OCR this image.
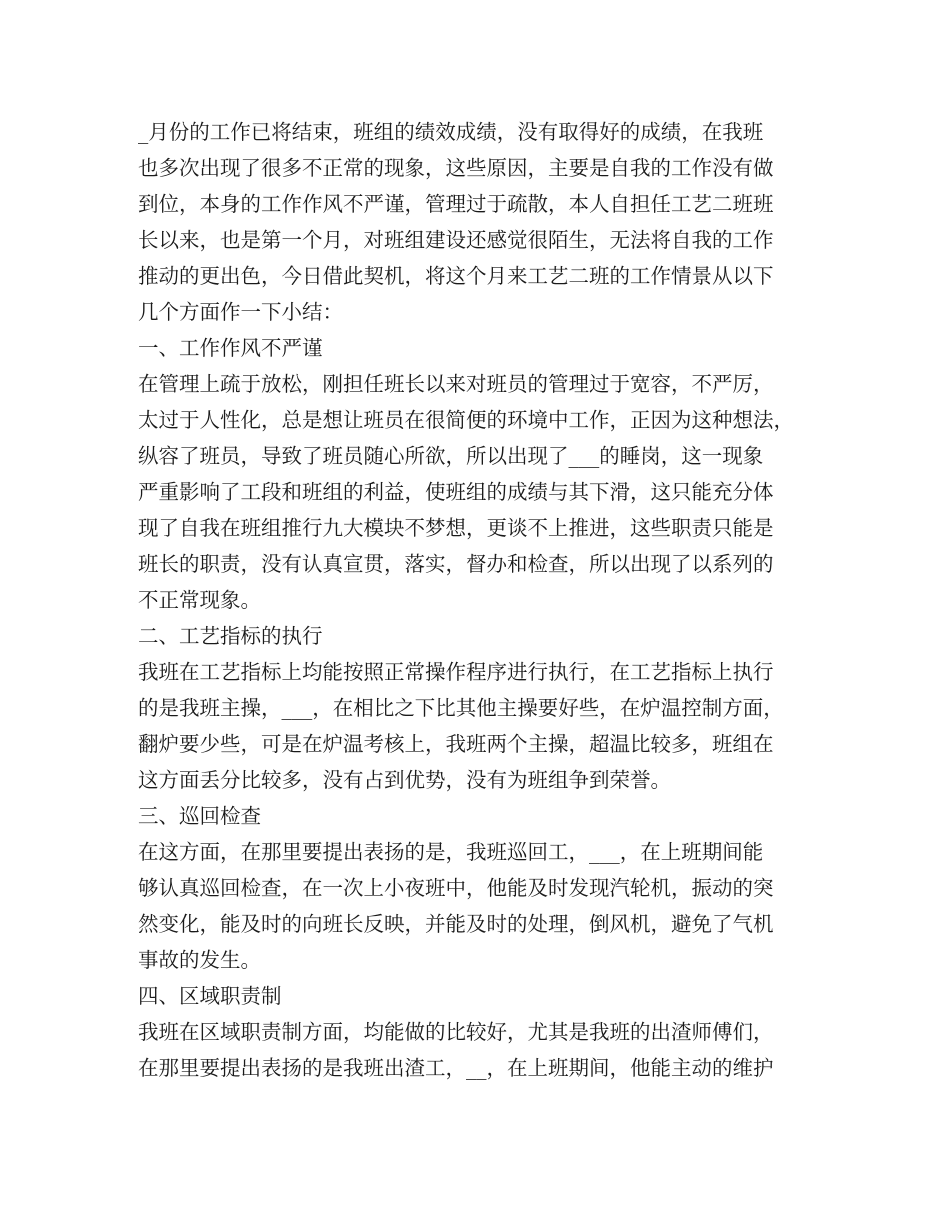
_月份的工作已将结束，班组的绩效成绩，没有取得好的成绩，在我班
也多次出现了很多不正常的现象，这些原因，主要是自我的工作没有做
到位，本身的工作作风不严谨，管理过于疏散，本人自担任工艺二班班
长以来，也是第一个月，对班组建设还感觉很陌生，无法将自我的工作
推动的更出色，今日借此契机，将这个月来工艺二班的工作情景从以下
几个方面作一下小结：
一、工作作风不严谨
在管理上疏于放松，刚担任班长以来对班员的管理过于宽容，不严厉，
太过于人性化，总是想让班员在很简便的环境中工作，正因为这种想法，
纵容了班员，导致了班员随心所欲，所以出现了___的睡岗，这一现象
严重影响了工段和班组的利益，使班组的成绩与其下滑，这只能充分体
现了自我在班组推行九大模块不梦想，更谈不上推进，这些职责只能是
班长的职责，没有认真宣贯，落实，督办和检查，所以出现了以系列的
不正常现象。
二、工艺指标的执行
我班在工艺指标上均能按照正常操作程序进行执行，在工艺指标上执行
的是我班主操，___，在相比之下比其他主操要好些，在炉温控制方面，
翻炉要少些，可是在炉温考核上，我班两个主操，超温比较多，班组在
这方面丢分比较多，没有占到优势，没有为班组争到荣誉。
三、巡回检查
在这方面，在那里要提出表扬的是，我班巡回工，___，在上班期间能
够认真巡回检查，在一次上小夜班中，他能及时发现汽轮机，振动的突
然变化，能及时的向班长反映，并能及时的处理，倒风机，避免了气机
事故的发生。
四、区域职责制
我班在区域职责制方面，均能做的比较好，尤其是我班的出渣师傅们，
在那里要提出表扬的是我班出渣工，__，在上班期间，他能主动的维护
